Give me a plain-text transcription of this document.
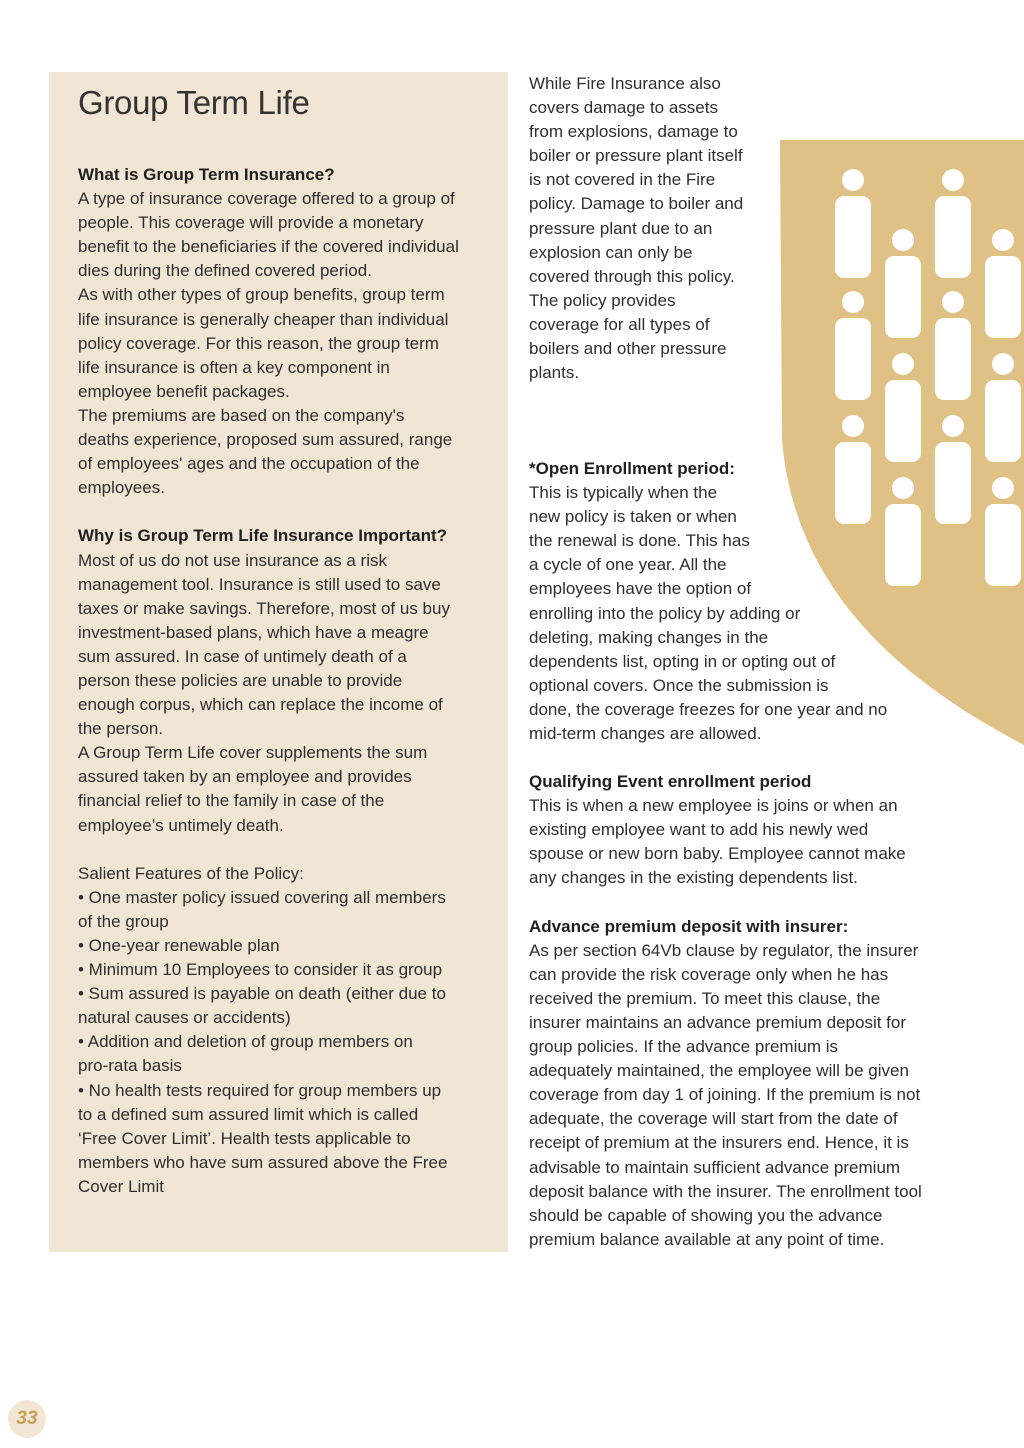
Group Term Life

What is Group Term Insurance?

A type of insurance coverage offered to a group of
people. This coverage will provide a monetary
benefit to the beneficiaries if the covered individual
dies during the defined covered period.
As with other types of group benefits, group term
life insurance is generally cheaper than individual
policy coverage. For this reason, the group term
life insurance is often a key component in
employee benefit packages.
The premiums are based on the company's
deaths experience, proposed sum assured, range
of employees' ages and the occupation of the
employees.

Why is Group Term Life Insurance Important?

Most of us do not use insurance as a risk
management tool. Insurance is still used to save
taxes or make savings. Therefore, most of us buy
investment-based plans, which have a meagre
sum assured. In case of untimely death of a
person these policies are unable to provide
enough corpus, which can replace the income of
the person.
A Group Term Life cover supplements the sum
assured taken by an employee and provides
financial relief to the family in case of the
employee’s untimely death.
Salient Features of the Policy:
• One master policy issued covering all members
of the group
• One-year renewable plan
• Minimum 10 Employees to consider it as group
• Sum assured is payable on death (either due to
natural causes or accidents)
• Addition and deletion of group members on
pro-rata basis
• No health tests required for group members up
to a defined sum assured limit which is called
‘Free Cover Limit’. Health tests applicable to
members who have sum assured above the Free
Cover Limit
While Fire Insurance also
covers damage to assets
from explosions, damage to
boiler or pressure plant itself
is not covered in the Fire
policy. Damage to boiler and
pressure plant due to an
explosion can only be
covered through this policy.
The policy provides
coverage for all types of
boilers and other pressure
plants.

*Open Enrollment period:

This is typically when the
new policy is taken or when
the renewal is done. This has
a cycle of one year. All the
employees have the option of
enrolling into the policy by adding or
deleting, making changes in the
dependents list, opting in or opting out of
optional covers. Once the submission is
done, the coverage freezes for one year and no
mid-term changes are allowed.

Qualifying Event enrollment period

This is when a new employee is joins or when an
existing employee want to add his newly wed
spouse or new born baby. Employee cannot make
any changes in the existing dependents list.

Advance premium deposit with insurer:

As per section 64Vb clause by regulator, the insurer
can provide the risk coverage only when he has
received the premium. To meet this clause, the
insurer maintains an advance premium deposit for
group policies. If the advance premium is
adequately maintained, the employee will be given
coverage from day 1 of joining. If the premium is not
adequate, the coverage will start from the date of
receipt of premium at the insurers end. Hence, it is
advisable to maintain sufficient advance premium
deposit balance with the insurer. The enrollment tool
should be capable of showing you the advance
premium balance available at any point of time.
33
